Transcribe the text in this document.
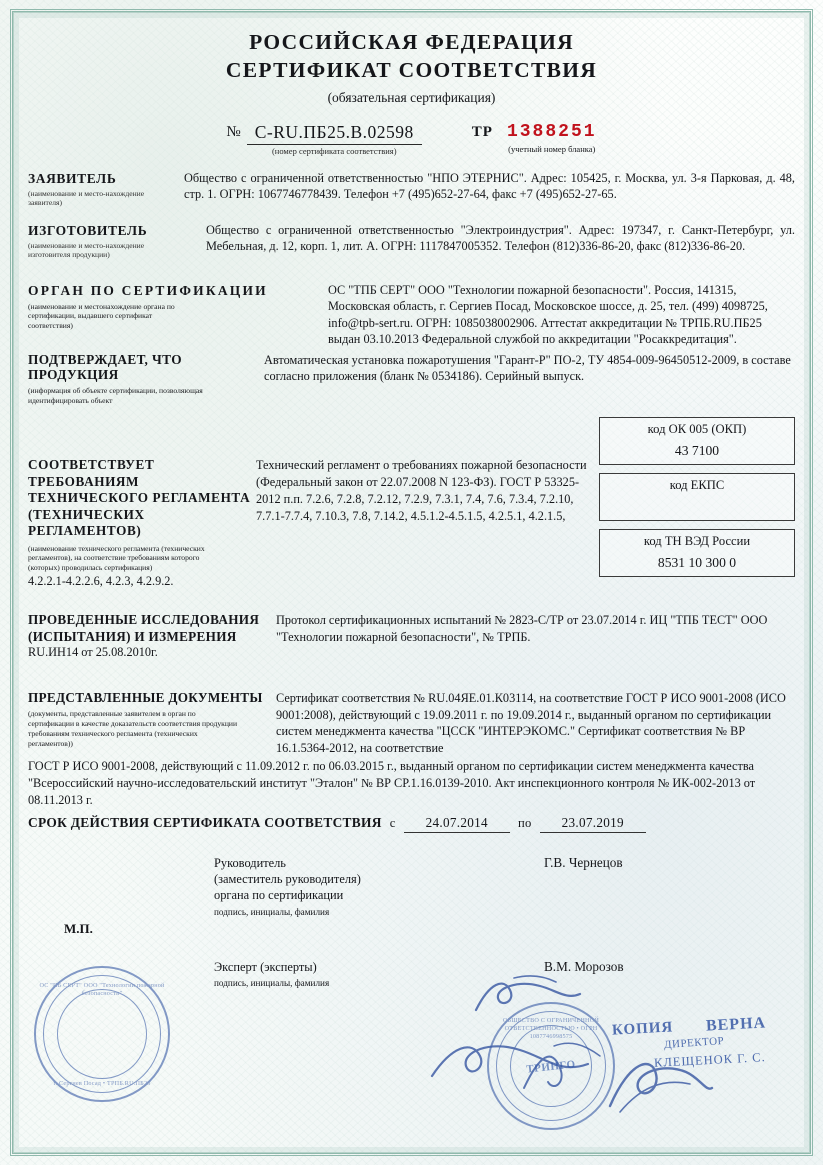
РОССИЙСКАЯ ФЕДЕРАЦИЯ
СЕРТИФИКАТ СООТВЕТСТВИЯ
(обязательная сертификация)
№ C-RU.ПБ25.В.02598
(номер сертификата соответствия)
ТР 1388251
(учетный номер бланка)
ЗАЯВИТЕЛЬ
(наименование и место-нахождение заявителя)
Общество с ограниченной ответственностью "НПО ЭТЕРНИС". Адрес: 105425, г. Москва, ул. 3-я Парковая, д. 48, стр. 1. ОГРН: 1067746778439. Телефон +7 (495)652-27-64, факс +7 (495)652-27-65.
ИЗГОТОВИТЕЛЬ
(наименование и место-нахождение изготовителя продукции)
Общество с ограниченной ответственностью "Электроиндустрия". Адрес: 197347, г. Санкт-Петербург, ул. Мебельная, д. 12, корп. 1, лит. А. ОГРН: 1117847005352. Телефон (812)336-86-20, факс (812)336-86-20.
ОРГАН ПО СЕРТИФИКАЦИИ
(наименование и местонахождение органа по сертификации, выдавшего сертификат соответствия)
ОС "ТПБ СЕРТ" ООО "Технологии пожарной безопасности". Россия, 141315, Московская область, г. Сергиев Посад, Московское шоссе, д. 25, тел. (499) 4098725, info@tpb-sert.ru. ОГРН: 1085038002906. Аттестат аккредитации № ТРПБ.RU.ПБ25 выдан 03.10.2013 Федеральной службой по аккредитации "Росаккредитация".
ПОДТВЕРЖДАЕТ, ЧТО
ПРОДУКЦИЯ
(информация об объекте сертификации, позволяющая идентифицировать объект
Автоматическая установка пожаротушения "Гарант-Р" ПО-2, ТУ 4854-009-96450512-2009, в составе согласно приложения (бланк № 0534186). Серийный выпуск.
СООТВЕТСТВУЕТ ТРЕБОВАНИЯМ
ТЕХНИЧЕСКОГО РЕГЛАМЕНТА
(ТЕХНИЧЕСКИХ РЕГЛАМЕНТОВ)
(наименование технического регламента (технических регламентов), на соответствие требованиям которого (которых) проводилась сертификация)
Технический регламент о требованиях пожарной безопасности (Федеральный закон от 22.07.2008 N 123-ФЗ). ГОСТ Р 53325-2012 п.п. 7.2.6, 7.2.8, 7.2.12, 7.2.9, 7.3.1, 7.4, 7.6, 7.3.4, 7.2.10, 7.7.1-7.7.4, 7.10.3, 7.8, 7.14.2, 4.5.1.2-4.5.1.5, 4.2.5.1, 4.2.1.5,
4.2.2.1-4.2.2.6, 4.2.3, 4.2.9.2.
код ОК 005 (ОКП)
43 7100
код ЕКПС

код ТН ВЭД России
8531 10 300 0
ПРОВЕДЕННЫЕ ИССЛЕДОВАНИЯ
(ИСПЫТАНИЯ) И ИЗМЕРЕНИЯ
Протокол сертификационных испытаний № 2823-С/ТР от 23.07.2014 г. ИЦ "ТПБ ТЕСТ" ООО "Технологии пожарной безопасности", № ТРПБ.
RU.ИН14 от 25.08.2010г.
ПРЕДСТАВЛЕННЫЕ ДОКУМЕНТЫ
(документы, представленные заявителем в орган по сертификации в качестве доказательств соответствия продукции требованиям технического регламента (технических регламентов))
Сертификат соответствия № RU.04ЯЕ.01.К03114, на соответствие ГОСТ Р ИСО 9001-2008 (ИСО 9001:2008), действующий с 19.09.2011 г. по 19.09.2014 г., выданный органом по сертификации систем менеджмента качества "ЦССК "ИНТЕРЭКОМС." Сертификат соответствия № ВР 16.1.5364-2012, на соответствие
ГОСТ Р ИСО 9001-2008, действующий с 11.09.2012 г. по 06.03.2015 г., выданный органом по сертификации систем менеджмента качества "Всероссийский научно-исследовательский институт "Эталон" № ВР СР.1.16.0139-2010. Акт инспекционного контроля № ИК-002-2013 от 08.11.2013 г.
СРОК ДЕЙСТВИЯ СЕРТИФИКАТА СООТВЕТСТВИЯ с	24.07.2014	по	23.07.2019
Руководитель
(заместитель руководителя)
органа по сертификации
подпись, инициалы, фамилия
Г.В. Чернецов
Эксперт (эксперты)
подпись, инициалы, фамилия
В.М. Морозов
М.П.
ОС "ПБ СЕРТ" ООО "Технологии пожарной безопасности"
г. Сергиев Посад • ТРПБ.RU.ПБ25
ОБЩЕСТВО С ОГРАНИЧЕННОЙ ОТВЕТСТВЕННОСТЬЮ • ОГРН 1087746998575
ТРИНГО
КОПИЯ ВЕРНА
ДИРЕКТОР
КЛЕЩЕНОК Г. С.
